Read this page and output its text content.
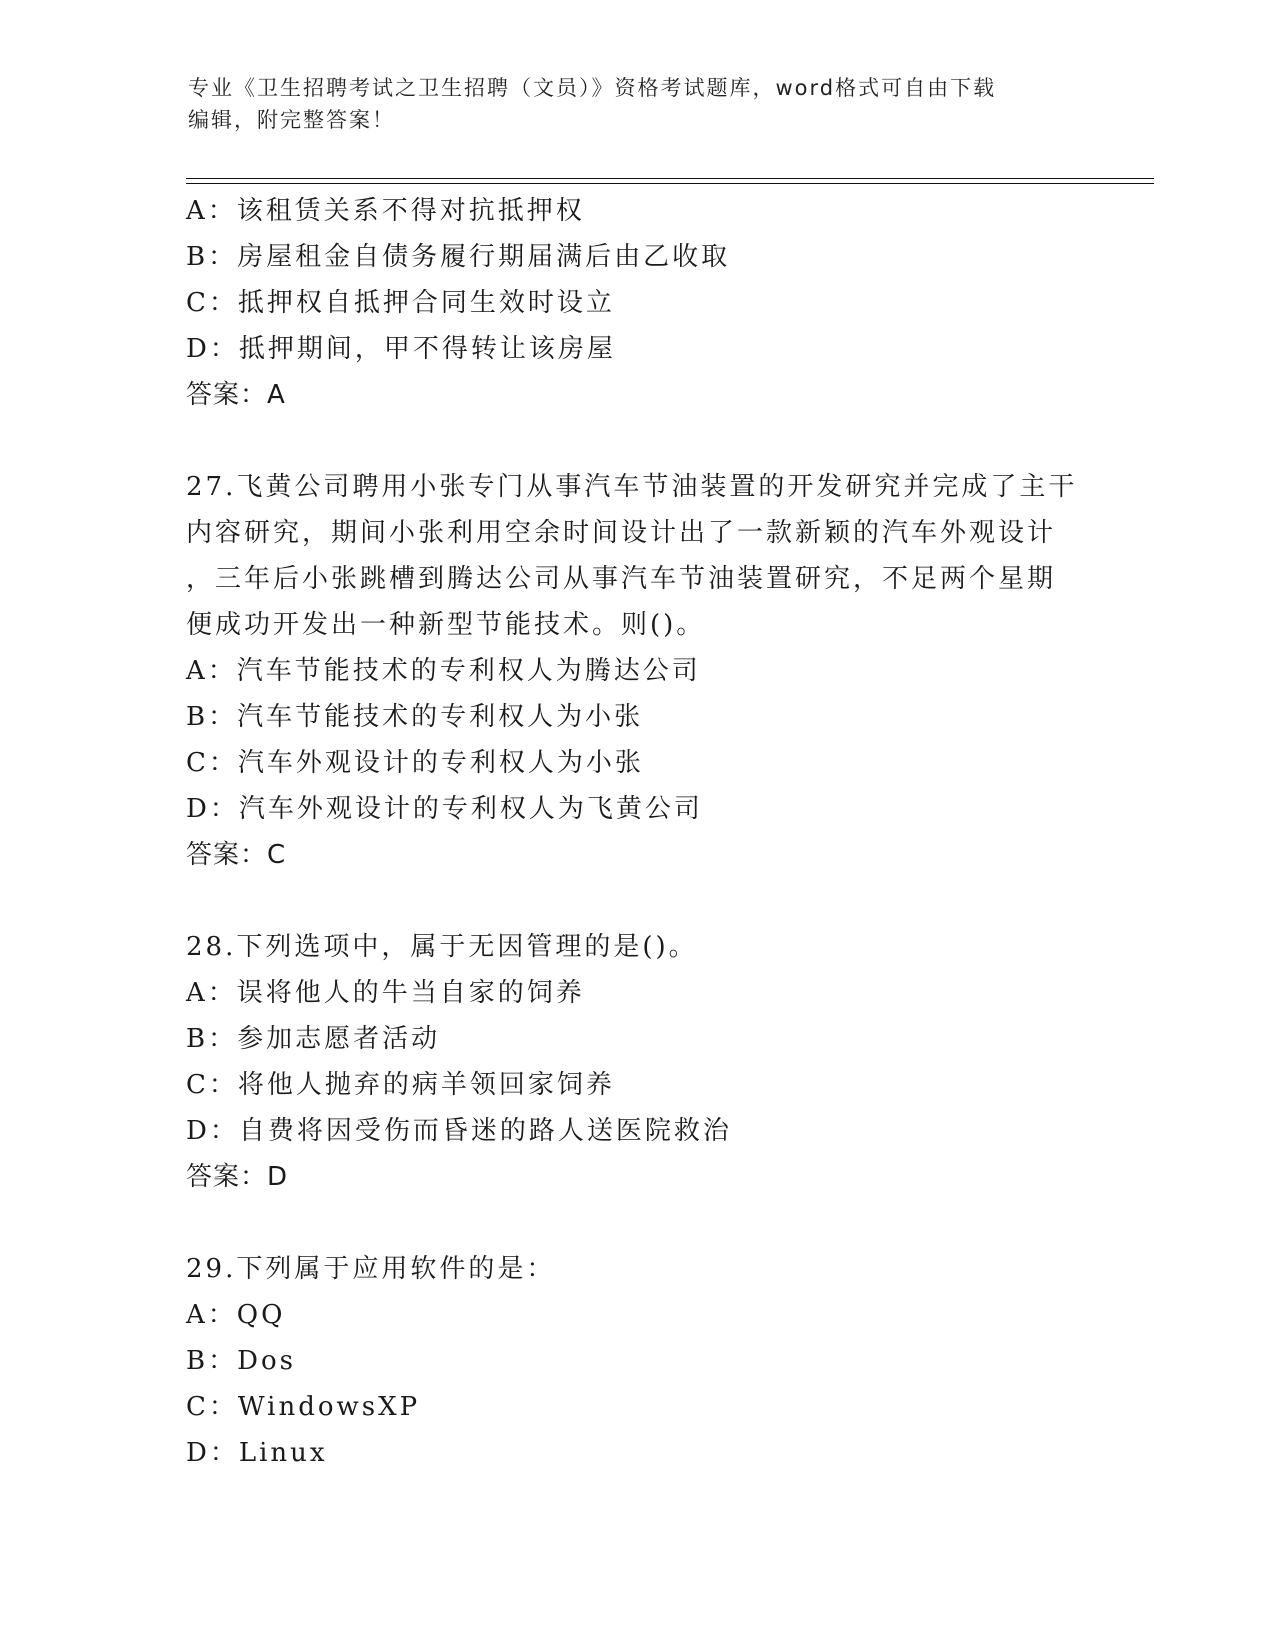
专业《卫生招聘考试之卫生招聘（文员）》资格考试题库，word格式可自由下载
编辑，附完整答案！
A：该租赁关系不得对抗抵押权
B：房屋租金自债务履行期届满后由乙收取
C：抵押权自抵押合同生效时设立
D：抵押期间，甲不得转让该房屋
答案：A
27.飞黄公司聘用小张专门从事汽车节油装置的开发研究并完成了主干
内容研究，期间小张利用空余时间设计出了一款新颖的汽车外观设计
，三年后小张跳槽到腾达公司从事汽车节油装置研究，不足两个星期
便成功开发出一种新型节能技术。则()。
A：汽车节能技术的专利权人为腾达公司
B：汽车节能技术的专利权人为小张
C：汽车外观设计的专利权人为小张
D：汽车外观设计的专利权人为飞黄公司
答案：C
28.下列选项中，属于无因管理的是()。
A：误将他人的牛当自家的饲养
B：参加志愿者活动
C：将他人抛弃的病羊领回家饲养
D：自费将因受伤而昏迷的路人送医院救治
答案：D
29.下列属于应用软件的是：
A：QQ
B：Dos
C：WindowsXP
D：Linux
